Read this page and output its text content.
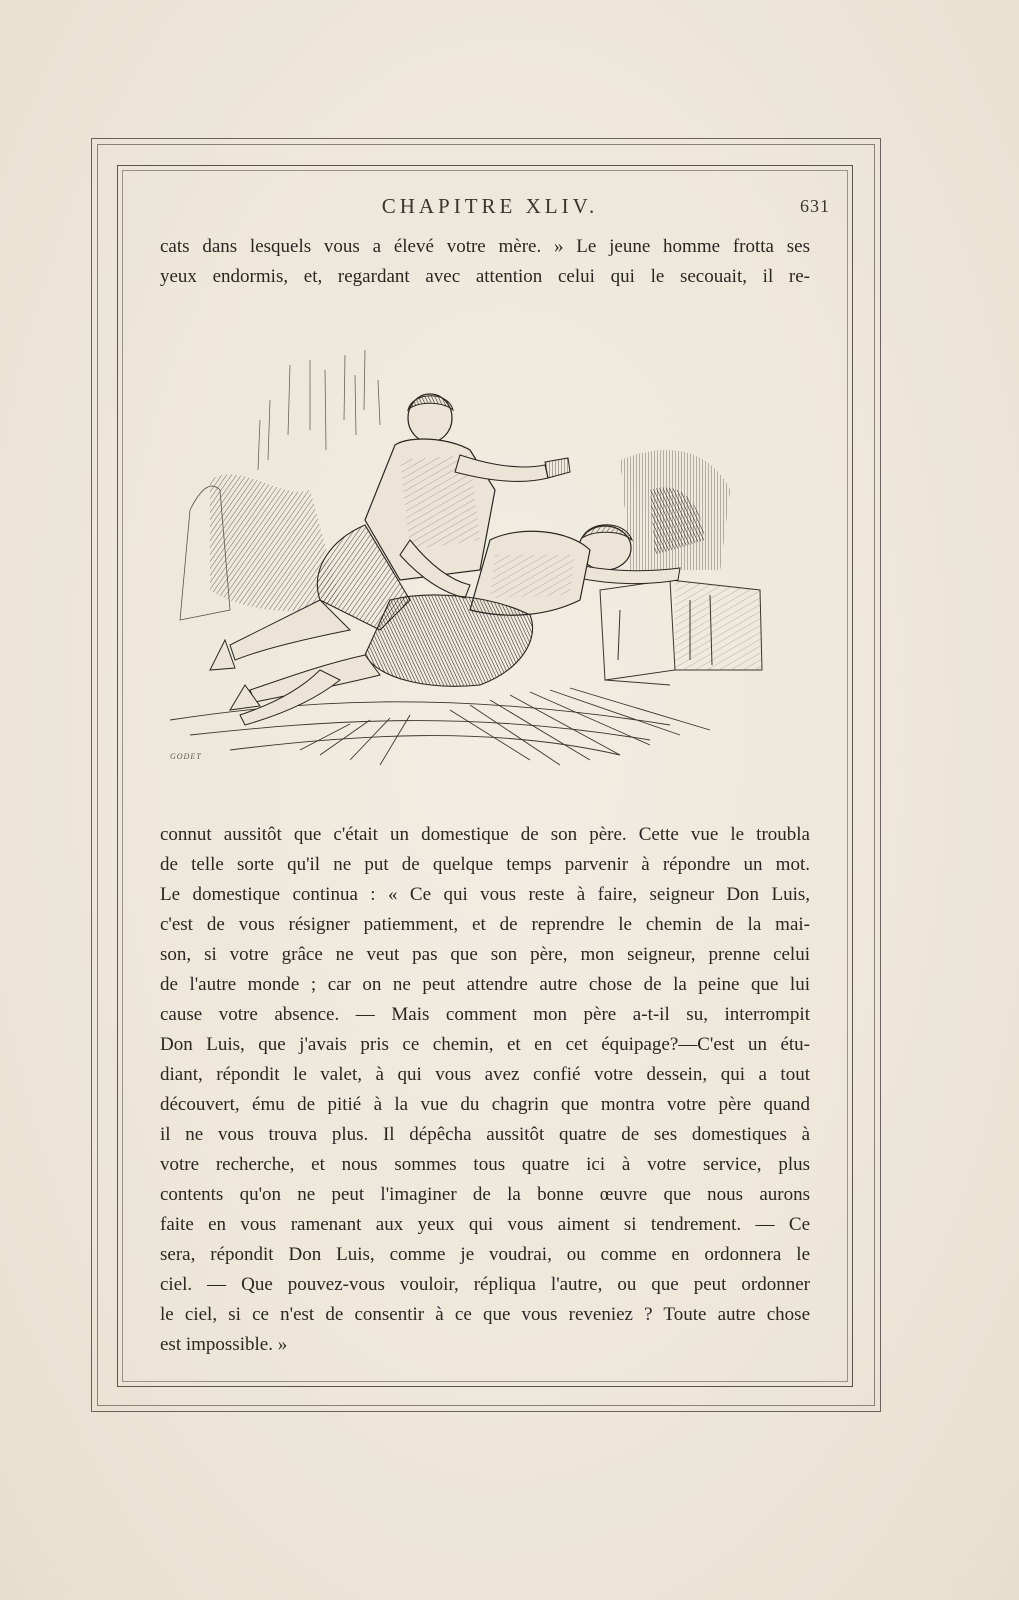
CHAPITRE XLIV.	631
cats dans lesquels vous a élevé votre mère. » Le jeune homme frotta ses
yeux endormis, et, regardant avec attention celui qui le secouait, il re-
GODET
connut aussitôt que c'était un domestique de son père. Cette vue le troubla
de telle sorte qu'il ne put de quelque temps parvenir à répondre un mot.
Le domestique continua : « Ce qui vous reste à faire, seigneur Don Luis,
c'est de vous résigner patiemment, et de reprendre le chemin de la mai-
son, si votre grâce ne veut pas que son père, mon seigneur, prenne celui
de l'autre monde ; car on ne peut attendre autre chose de la peine que lui
cause votre absence. — Mais comment mon père a-t-il su, interrompit
Don Luis, que j'avais pris ce chemin, et en cet équipage?—C'est un étu-
diant, répondit le valet, à qui vous avez confié votre dessein, qui a tout
découvert, ému de pitié à la vue du chagrin que montra votre père quand
il ne vous trouva plus. Il dépêcha aussitôt quatre de ses domestiques à
votre recherche, et nous sommes tous quatre ici à votre service, plus
contents qu'on ne peut l'imaginer de la bonne œuvre que nous aurons
faite en vous ramenant aux yeux qui vous aiment si tendrement. — Ce
sera, répondit Don Luis, comme je voudrai, ou comme en ordonnera le
ciel. — Que pouvez-vous vouloir, répliqua l'autre, ou que peut ordonner
le ciel, si ce n'est de consentir à ce que vous reveniez ? Toute autre chose
est impossible. »
